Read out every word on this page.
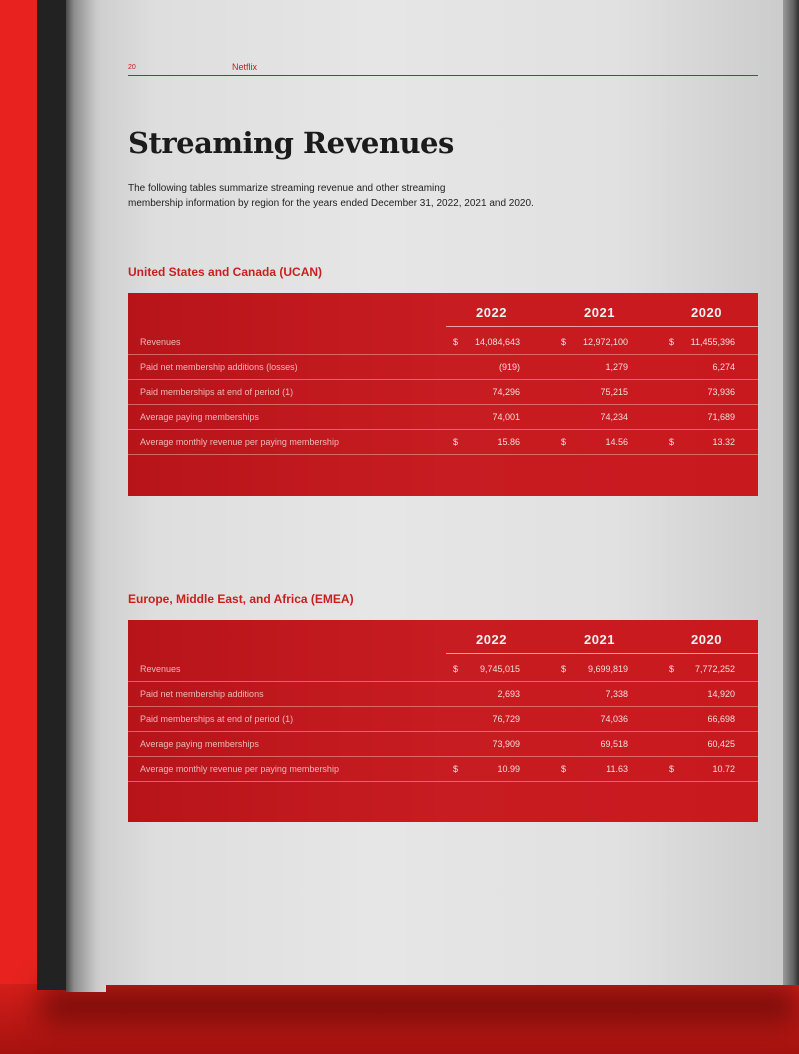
20	Netflix
Streaming Revenues

The following tables summarize streaming revenue and other streaming
membership information by region for the years ended December 31, 2022, 2021 and 2020.

United States and Canada (UCAN)
2022	2021	2020
Revenues	$	14,084,643	$	12,972,100	$	11,455,396
Paid net membership additions (losses)	(919)	1,279	6,274
Paid memberships at end of period (1)	74,296	75,215	73,936
Average paying memberships	74,001	74,234	71,689
Average monthly revenue per paying membership	$	15.86	$	14.56	$	13.32
Europe, Middle East, and Africa (EMEA)
2022	2021	2020
Revenues	$	9,745,015	$	9,699,819	$	7,772,252
Paid net membership additions	2,693	7,338	14,920
Paid memberships at end of period (1)	76,729	74,036	66,698
Average paying memberships	73,909	69,518	60,425
Average monthly revenue per paying membership	$	10.99	$	11.63	$	10.72
